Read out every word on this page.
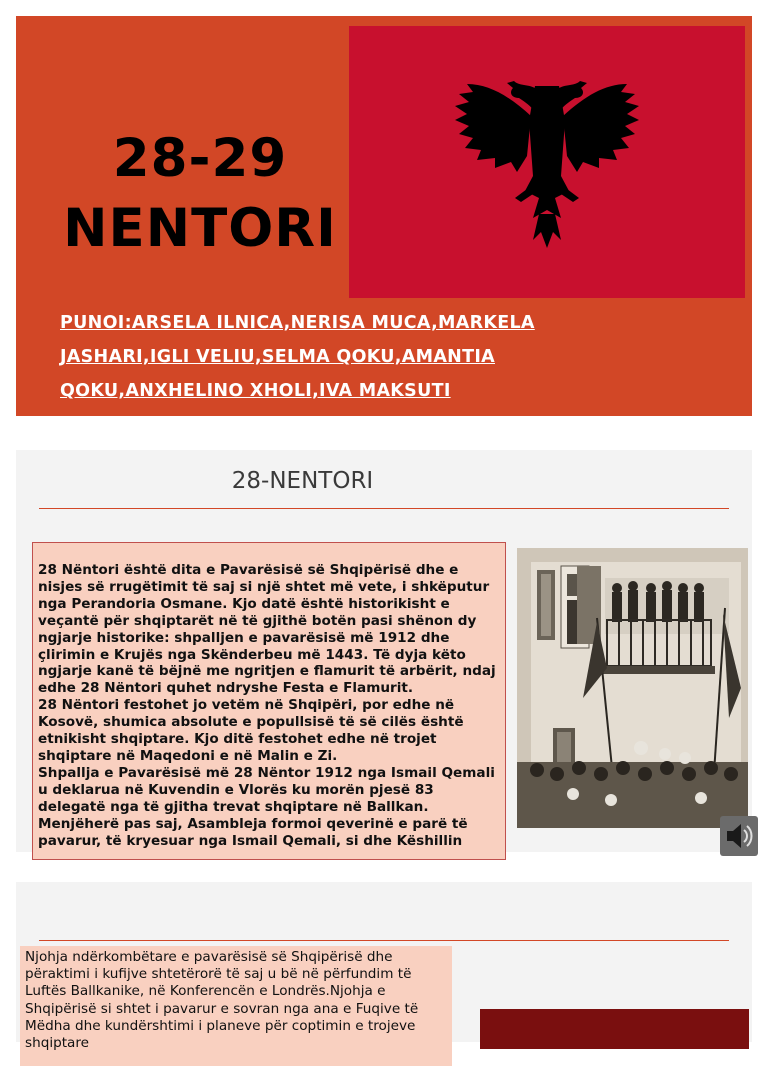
28-29
NENTORI
PUNOI:ARSELA ILNICA,NERISA MUCA,MARKELA
JASHARI,IGLI VELIU,SELMA QOKU,AMANTIA
QOKU,ANXHELINO XHOLI,IVA MAKSUTI
28-NENTORI

28 Nëntori është dita e Pavarësisë së Shqipërisë dhe e nisjes së rrugëtimit të saj si një shtet më vete, i shkëputur nga Perandoria Osmane. Kjo datë është historikisht e veçantë për shqiptarët në të gjithë botën pasi shënon dy ngjarje historike: shpalljen e pavarësisë më 1912 dhe çlirimin e Krujës nga Skënderbeu më 1443. Të dyja këto ngjarje kanë të bëjnë me ngritjen e flamurit të arbërit, ndaj edhe 28 Nëntori quhet ndryshe Festa e Flamurit.

28 Nëntori festohet jo vetëm në Shqipëri, por edhe në Kosovë, shumica absolute e popullsisë të së cilës është etnikisht shqiptare. Kjo ditë festohet edhe në trojet shqiptare në Maqedoni e në Malin e Zi.

Shpallja e Pavarësisë më 28 Nëntor 1912 nga Ismail Qemali u deklarua në Kuvendin e Vlorës ku morën pjesë 83 delegatë nga të gjitha trevat shqiptare në Ballkan.

Menjëherë pas saj, Asambleja formoi qeverinë e parë të pavarur, të kryesuar nga Ismail Qemali, si dhe Këshillin

Njohja ndërkombëtare e pavarësisë së Shqipërisë dhe përaktimi i kufijve shtetërorë të saj u bë në përfundim të Luftës Ballkanike, në Konferencën e Londrës.Njohja e Shqipërisë si shtet i pavarur e sovran nga ana e Fuqive të Mëdha dhe kundërshtimi i planeve për coptimin e trojeve shqiptare
